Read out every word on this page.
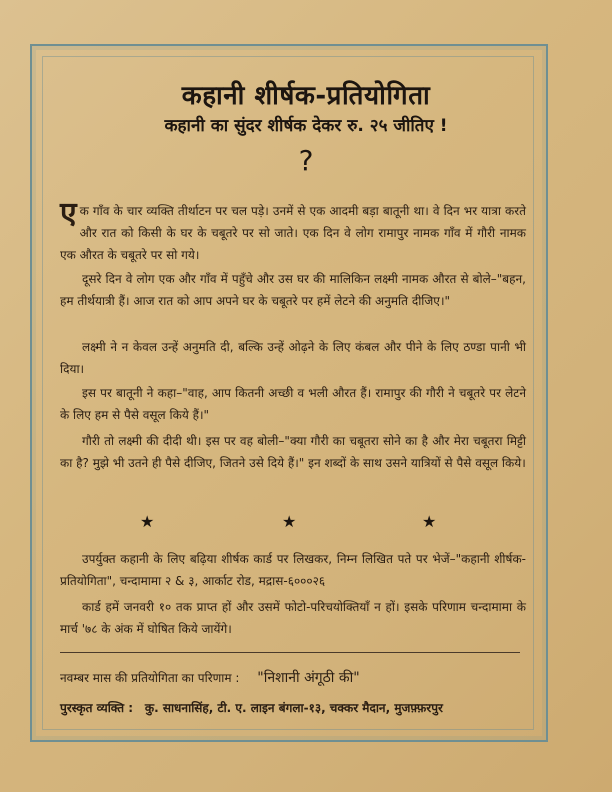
कहानी शीर्षक-प्रतियोगिता
कहानी का सुंदर शीर्षक देकर रु. २५ जीतिए !
?
एक गाँव के चार व्यक्ति तीर्थाटन पर चल पड़े। उनमें से एक आदमी बड़ा बातूनी था। वे दिन भर यात्रा करते और रात को किसी के घर के चबूतरे पर सो जाते। एक दिन वे लोग रामापुर नामक गाँव में गौरी नामक एक औरत के चबूतरे पर सो गये।
दूसरे दिन वे लोग एक और गाँव में पहुँचे और उस घर की मालिकिन लक्ष्मी नामक औरत से बोले–"बहन, हम तीर्थयात्री हैं। आज रात को आप अपने घर के चबूतरे पर हमें लेटने की अनुमति दीजिए।"
लक्ष्मी ने न केवल उन्हें अनुमति दी, बल्कि उन्हें ओढ़ने के लिए कंबल और पीने के लिए ठण्डा पानी भी दिया।
इस पर बातूनी ने कहा–"वाह, आप कितनी अच्छी व भली औरत हैं। रामापुर की गौरी ने चबूतरे पर लेटने के लिए हम से पैसे वसूल किये हैं।"
गौरी तो लक्ष्मी की दीदी थी। इस पर वह बोली–"क्या गौरी का चबूतरा सोने का है और मेरा चबूतरा मिट्टी का है? मुझे भी उतने ही पैसे दीजिए, जितने उसे दिये हैं।" इन शब्दों के साथ उसने यात्रियों से पैसे वसूल किये।
★	★	★
उपर्युक्त कहानी के लिए बढ़िया शीर्षक कार्ड पर लिखकर, निम्न लिखित पते पर भेजें–"कहानी शीर्षक-प्रतियोगिता", चन्दामामा २ & ३, आर्काट रोड, मद्रास-६०००२६
कार्ड हमें जनवरी १० तक प्राप्त हों और उसमें फोटो-परिचयोक्तियाँ न हों। इसके परिणाम चन्दामामा के मार्च '७८ के अंक में घोषित किये जायेंगे।
नवम्बर मास की प्रतियोगिता का परिणाम : "निशानी अंगूठी की"
पुरस्कृत व्यक्ति : कु. साधनासिंह, टी. ए. लाइन बंगला-१३, चक्कर मैदान, मुजफ़्फ़रपुर
